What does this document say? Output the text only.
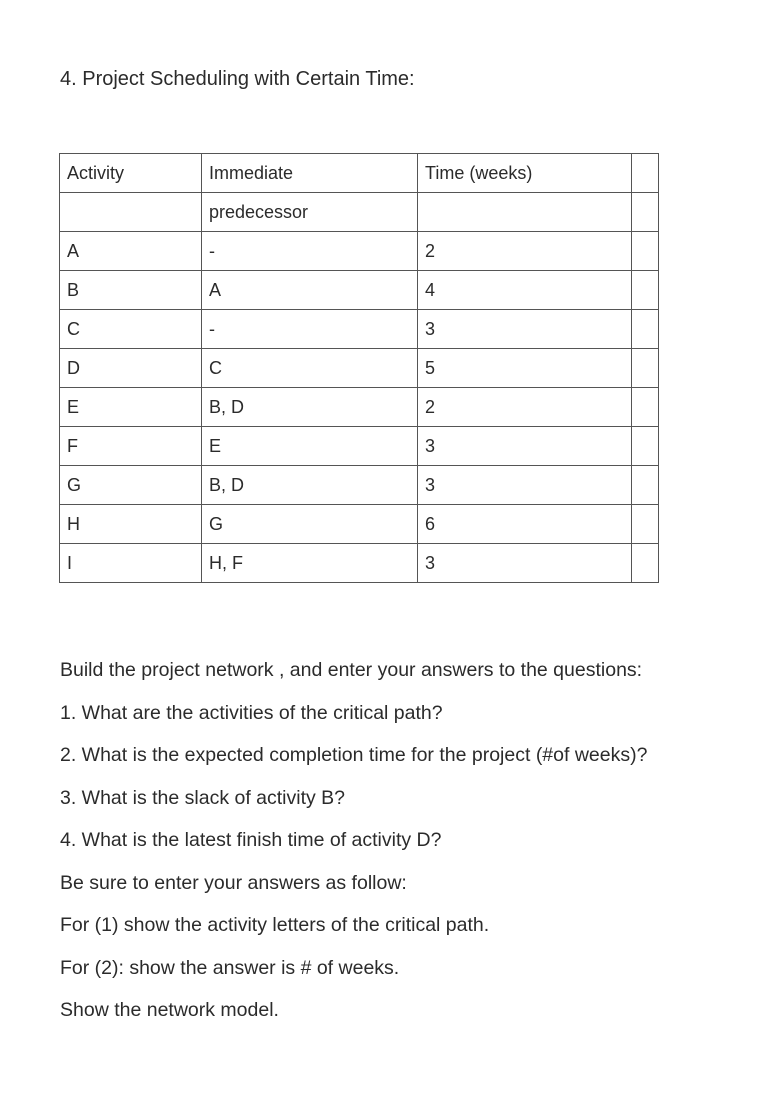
4. Project Scheduling with Certain Time:
Activity	Immediate	Time (weeks)	
	predecessor		
A	-	2	
B	A	4	
C	-	3	
D	C	5	
E	B, D	2	
F	E	3	
G	B, D	3	
H	G	6	
I	H, F	3	
Build the project network , and enter your answers to the questions:
1. What are the activities of the critical path?
2. What is the expected completion time for the project (#of weeks)?
3. What is the slack of activity B?
4. What is the latest finish time of activity D?
Be sure to enter your answers as follow:
For (1) show the activity letters of the critical path.
For (2): show the answer is # of weeks.
Show the network model.
